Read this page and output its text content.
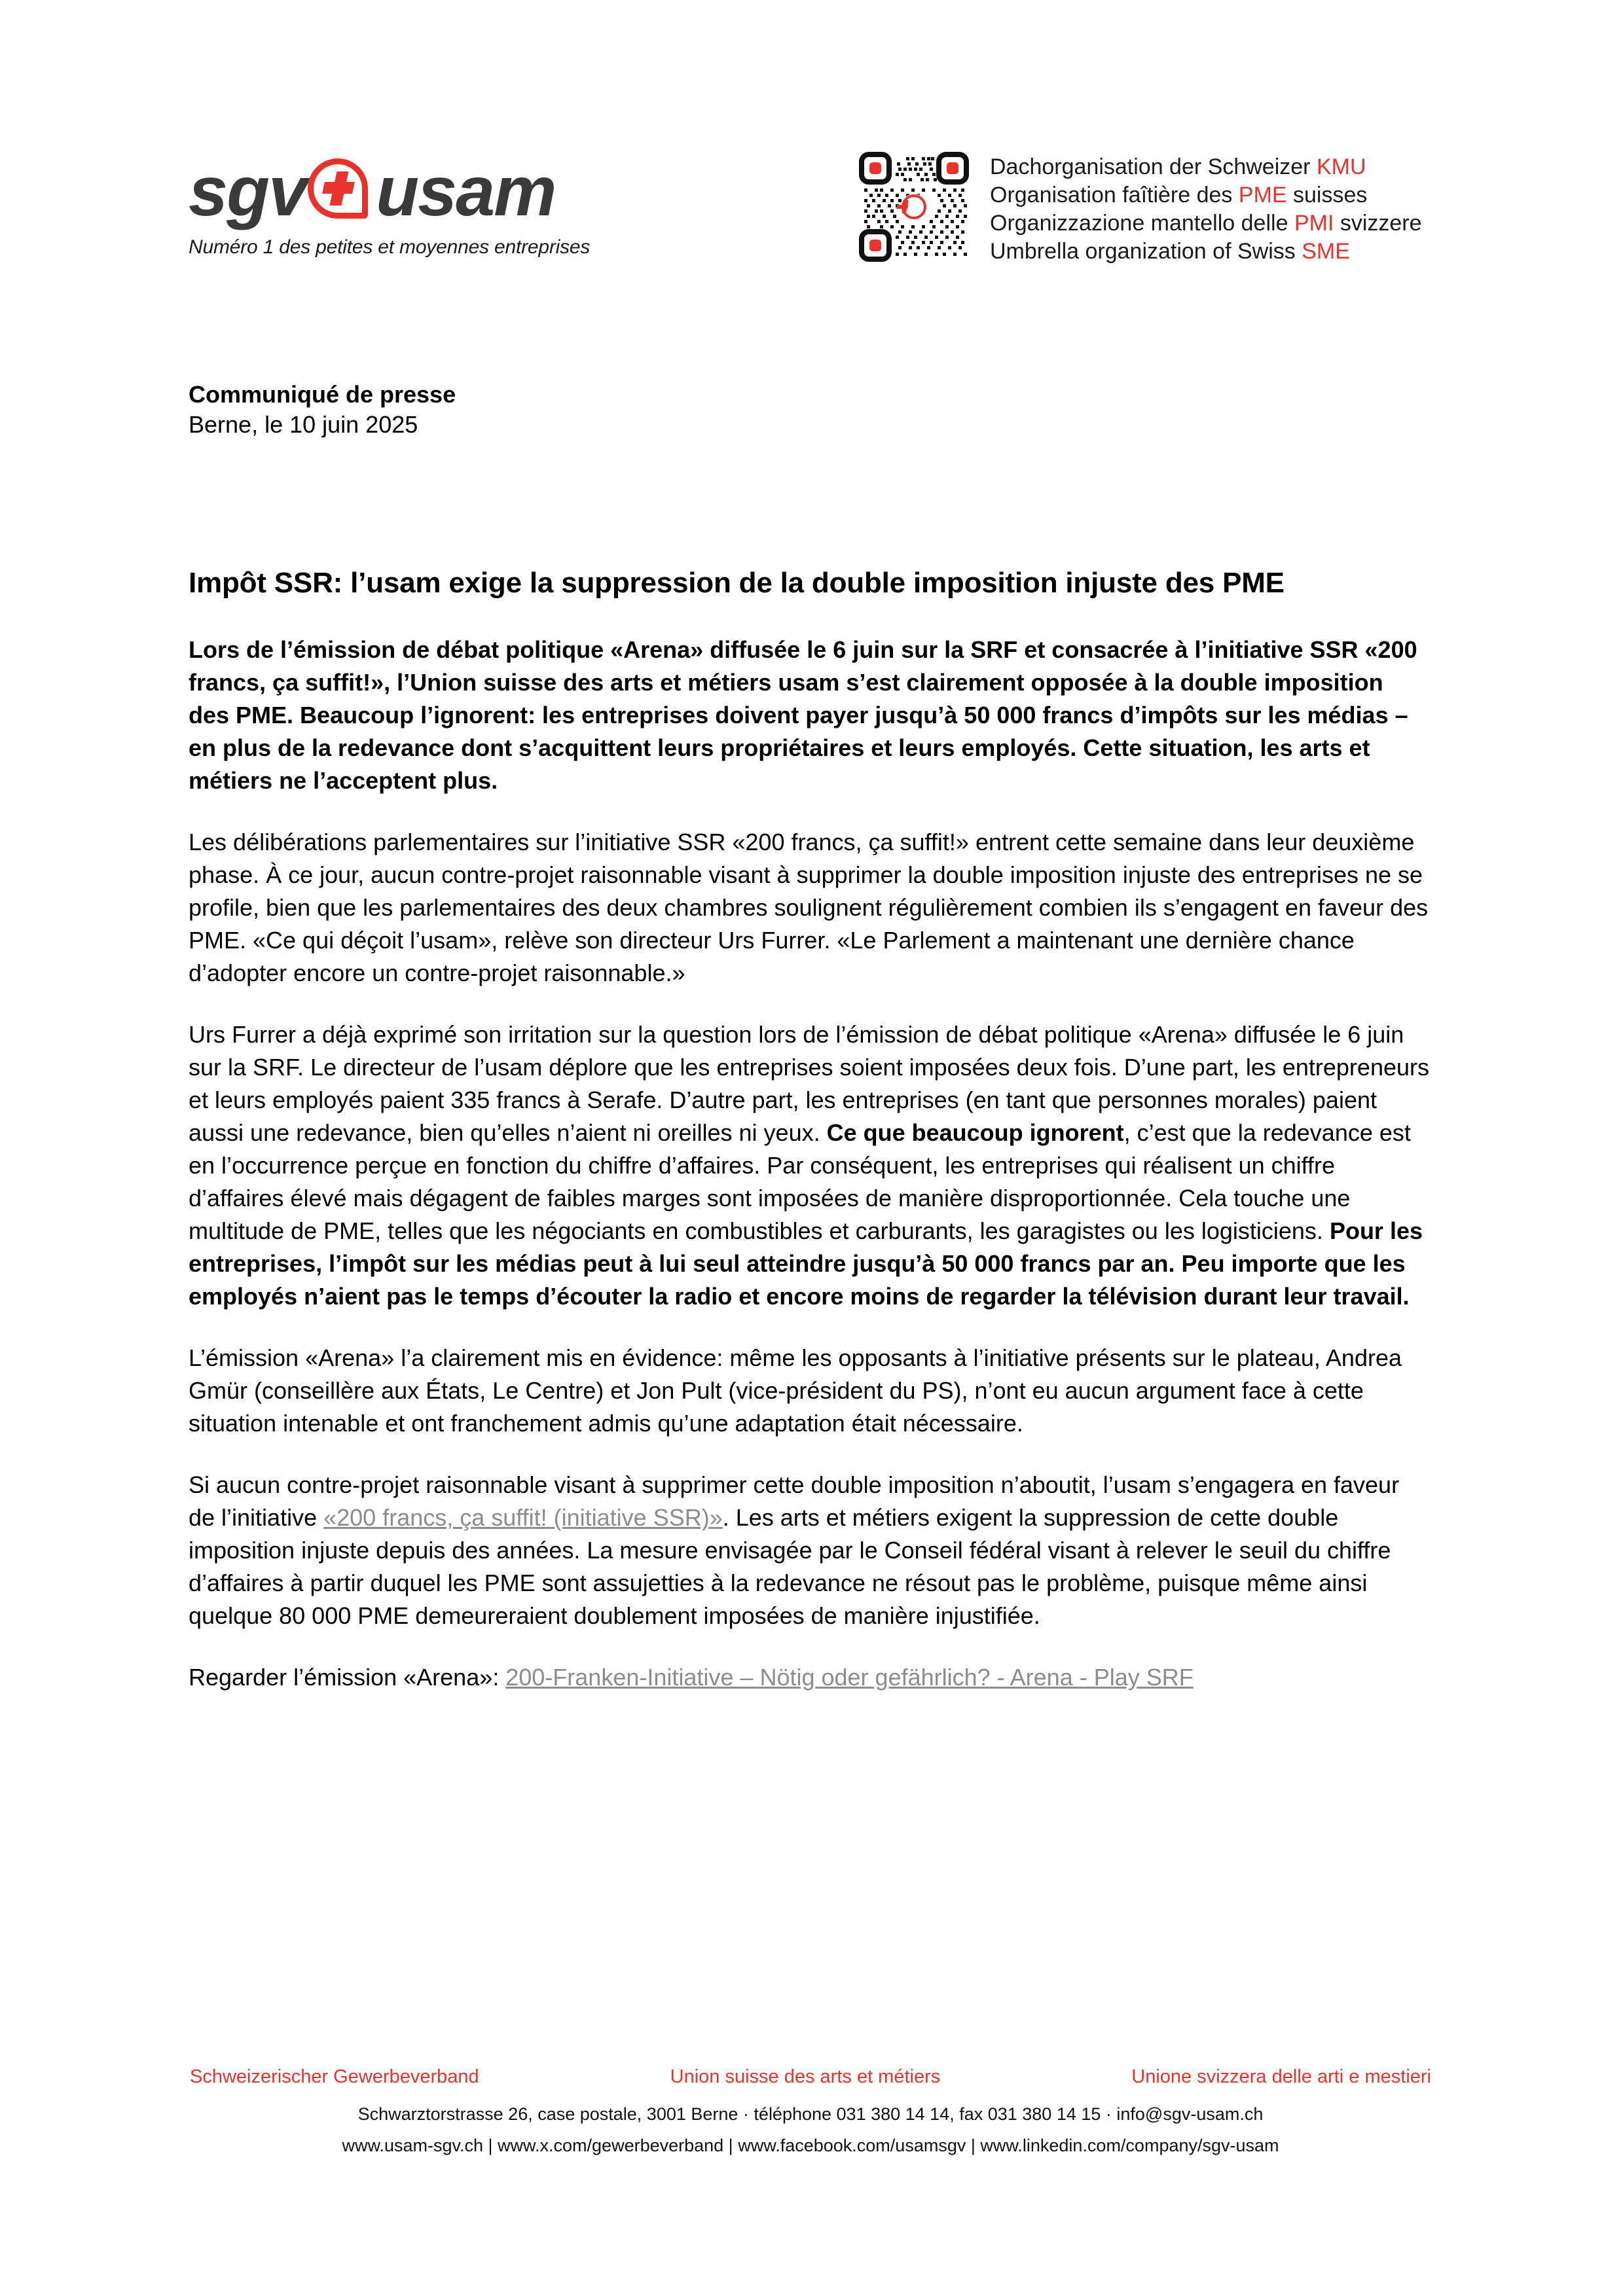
sgv usam
Numéro 1 des petites et moyennes entreprises
Dachorganisation der Schweizer KMU
Organisation faîtière des PME suisses
Organizzazione mantello delle PMI svizzere
Umbrella organization of Swiss SME
Communiqué de presse
Berne, le 10 juin 2025
Impôt SSR: l’usam exige la suppression de la double imposition injuste des PME

Lors de l’émission de débat politique «Arena» diffusée le 6 juin sur la SRF et consacrée à l’initiative SSR «200 francs, ça suffit!», l’Union suisse des arts et métiers usam s’est clairement opposée à la double imposition des PME. Beaucoup l’ignorent: les entreprises doivent payer jusqu’à 50 000 francs d’impôts sur les médias – en plus de la redevance dont s’acquittent leurs propriétaires et leurs employés. Cette situation, les arts et métiers ne l’acceptent plus.

Les délibérations parlementaires sur l’initiative SSR «200 francs, ça suffit!» entrent cette semaine dans leur deuxième phase. À ce jour, aucun contre-projet raisonnable visant à supprimer la double imposition injuste des entreprises ne se profile, bien que les parlementaires des deux chambres soulignent régulièrement combien ils s’engagent en faveur des PME. «Ce qui déçoit l’usam», relève son directeur Urs Furrer. «Le Parlement a maintenant une dernière chance d’adopter encore un contre-projet raisonnable.»

Urs Furrer a déjà exprimé son irritation sur la question lors de l’émission de débat politique «Arena» diffusée le 6 juin sur la SRF. Le directeur de l’usam déplore que les entreprises soient imposées deux fois. D’une part, les entrepreneurs et leurs employés paient 335 francs à Serafe. D’autre part, les entreprises (en tant que personnes morales) paient aussi une redevance, bien qu’elles n’aient ni oreilles ni yeux. Ce que beaucoup ignorent, c’est que la redevance est en l’occurrence perçue en fonction du chiffre d’affaires. Par conséquent, les entreprises qui réalisent un chiffre d’affaires élevé mais dégagent de faibles marges sont imposées de manière disproportionnée. Cela touche une multitude de PME, telles que les négociants en combustibles et carburants, les garagistes ou les logisticiens. Pour les entreprises, l’impôt sur les médias peut à lui seul atteindre jusqu’à 50 000 francs par an. Peu importe que les employés n’aient pas le temps d’écouter la radio et encore moins de regarder la télévision durant leur travail.

L’émission «Arena» l’a clairement mis en évidence: même les opposants à l’initiative présents sur le plateau, Andrea Gmür (conseillère aux États, Le Centre) et Jon Pult (vice-président du PS), n’ont eu aucun argument face à cette situation intenable et ont franchement admis qu’une adaptation était nécessaire.

Si aucun contre-projet raisonnable visant à supprimer cette double imposition n’aboutit, l’usam s’engagera en faveur de l’initiative «200 francs, ça suffit! (initiative SSR)». Les arts et métiers exigent la suppression de cette double imposition injuste depuis des années. La mesure envisagée par le Conseil fédéral visant à relever le seuil du chiffre d’affaires à partir duquel les PME sont assujetties à la redevance ne résout pas le problème, puisque même ainsi quelque 80 000 PME demeureraient doublement imposées de manière injustifiée.

Regarder l’émission «Arena»: 200-Franken-Initiative – Nötig oder gefährlich? - Arena - Play SRF

Schweizerischer Gewerbeverband	Union suisse des arts et métiers	Unione svizzera delle arti e mestieri
Schwarztorstrasse 26, case postale, 3001 Berne · téléphone 031 380 14 14, fax 031 380 14 15 · info@sgv-usam.ch
www.usam-sgv.ch | www.x.com/gewerbeverband | www.facebook.com/usamsgv | www.linkedin.com/company/sgv-usam
